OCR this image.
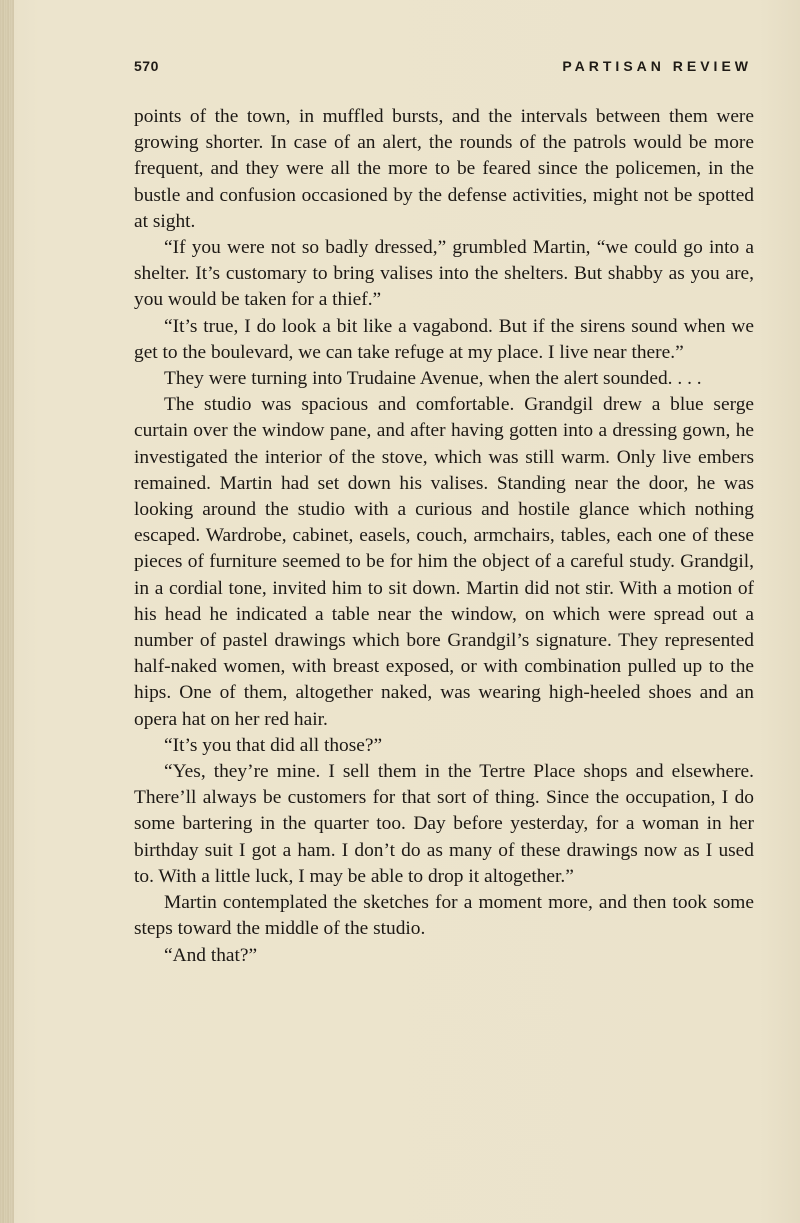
570	PARTISAN REVIEW

points of the town, in muffled bursts, and the intervals between them were growing shorter. In case of an alert, the rounds of the patrols would be more frequent, and they were all the more to be feared since the policemen, in the bustle and confusion occasioned by the defense activities, might not be spotted at sight.

“If you were not so badly dressed,” grumbled Martin, “we could go into a shelter. It’s customary to bring valises into the shelters. But shabby as you are, you would be taken for a thief.”

“It’s true, I do look a bit like a vagabond. But if the sirens sound when we get to the boulevard, we can take refuge at my place. I live near there.”

They were turning into Trudaine Avenue, when the alert sounded. . . .

The studio was spacious and comfortable. Grandgil drew a blue serge curtain over the window pane, and after having gotten into a dressing gown, he investigated the interior of the stove, which was still warm. Only live embers remained. Martin had set down his valises. Standing near the door, he was looking around the studio with a curious and hostile glance which nothing escaped. Wardrobe, cabinet, easels, couch, armchairs, tables, each one of these pieces of furniture seemed to be for him the object of a careful study. Grandgil, in a cordial tone, invited him to sit down. Martin did not stir. With a motion of his head he indicated a table near the window, on which were spread out a number of pastel drawings which bore Grandgil’s signature. They represented half-naked women, with breast exposed, or with combination pulled up to the hips. One of them, altogether naked, was wearing high-heeled shoes and an opera hat on her red hair.

“It’s you that did all those?”

“Yes, they’re mine. I sell them in the Tertre Place shops and elsewhere. There’ll always be customers for that sort of thing. Since the occupation, I do some bartering in the quarter too. Day before yesterday, for a woman in her birthday suit I got a ham. I don’t do as many of these drawings now as I used to. With a little luck, I may be able to drop it altogether.”

Martin contemplated the sketches for a moment more, and then took some steps toward the middle of the studio.

“And that?”
